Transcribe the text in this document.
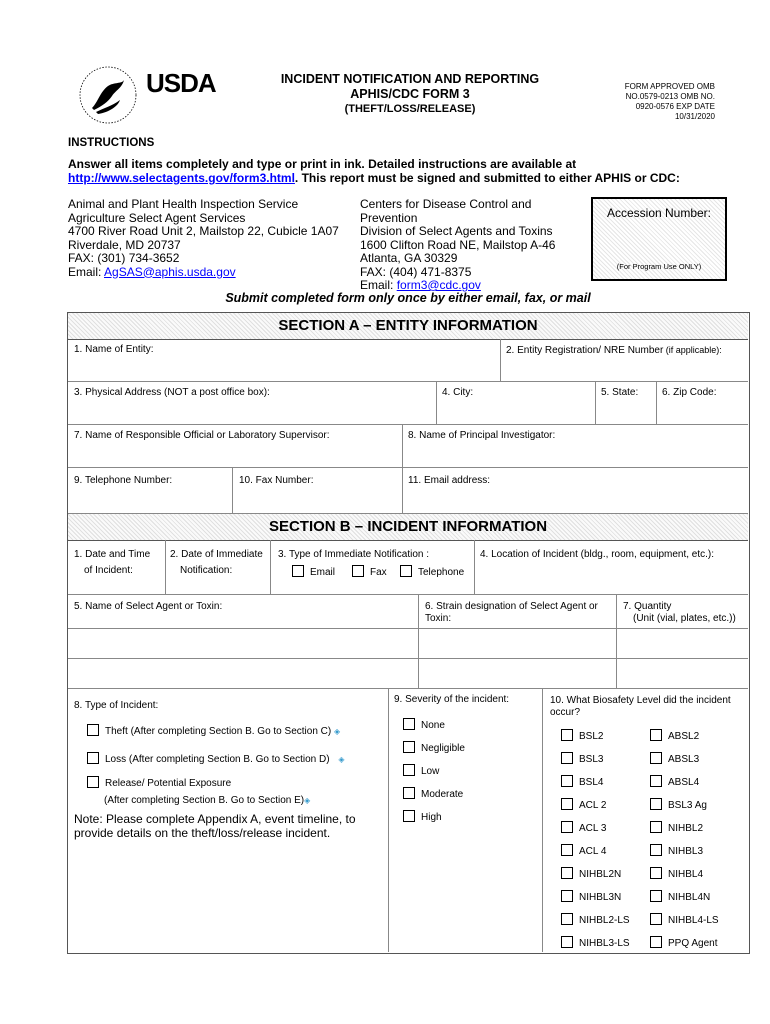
USDA	INCIDENT NOTIFICATION AND REPORTING
APHIS/CDC FORM 3
(THEFT/LOSS/RELEASE)
FORM APPROVED OMB
NO.0579-0213 OMB NO.
0920-0576 EXP DATE
10/31/2020
INSTRUCTIONS
Answer all items completely and type or print in ink. Detailed instructions are available at
http://www.selectagents.gov/form3.html. This report must be signed and submitted to either APHIS or CDC:
Animal and Plant Health Inspection Service
Agriculture Select Agent Services
4700 River Road Unit 2, Mailstop 22, Cubicle 1A07
Riverdale, MD 20737
FAX: (301) 734-3652
Email: AgSAS@aphis.usda.gov
Centers for Disease Control and Prevention
Division of Select Agents and Toxins
1600 Clifton Road NE, Mailstop A-46
Atlanta, GA 30329
FAX: (404) 471-8375
Email: form3@cdc.gov
Accession Number:
(For Program Use ONLY)
Submit completed form only once by either email, fax, or mail
SECTION A – ENTITY INFORMATION
1. Name of Entity:	2. Entity Registration/ NRE Number (if applicable):
3. Physical Address (NOT a post office box):	4. City:	5. State: 6. Zip Code:
7. Name of Responsible Official or Laboratory Supervisor:	8. Name of Principal Investigator:
9. Telephone Number:	10. Fax Number:	11. Email address:
SECTION B – INCIDENT INFORMATION
1. Date and Time
of Incident:
2. Date of Immediate
Notification:
3. Type of Immediate Notification :
Email	Fax	Telephone
4. Location of Incident (bldg., room, equipment, etc.):
5. Name of Select Agent or Toxin:	6. Strain designation of Select Agent or
Toxin:
7. Quantity
(Unit (vial, plates, etc.))
8. Type of Incident:
Theft (After completing Section B. Go to Section C) ◈
Loss (After completing Section B. Go to Section D) ◈
Release/ Potential Exposure
(After completing Section B. Go to Section E)◈
Note: Please complete Appendix A, event timeline, to
provide details on the theft/loss/release incident.
9. Severity of the incident:
None
Negligible
Low
Moderate
High
10. What Biosafety Level did the incident
occur?
BSL2
BSL3
BSL4
ACL 2
ACL 3
ACL 4
NIHBL2N
NIHBL3N
NIHBL2-LS
NIHBL3-LS
ABSL2
ABSL3
ABSL4
BSL3 Ag
NIHBL2
NIHBL3
NIHBL4
NIHBL4N
NIHBL4-LS
PPQ Agent
